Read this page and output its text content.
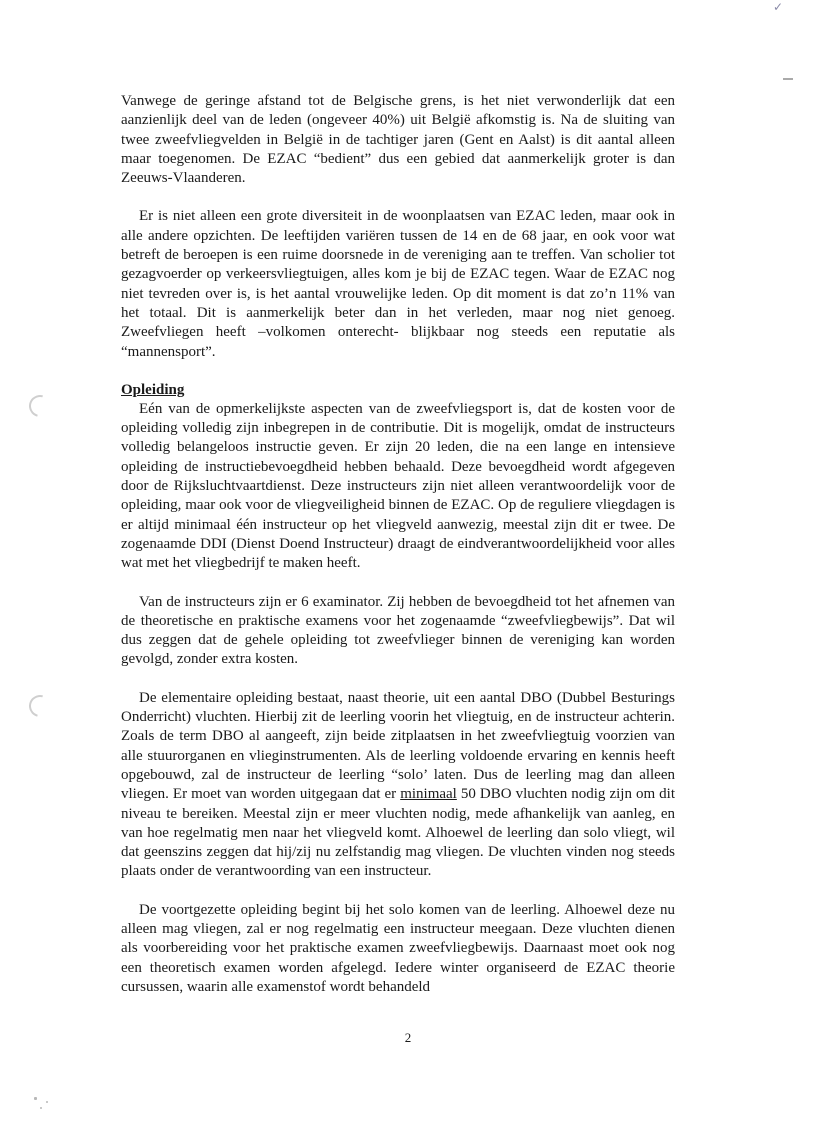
✓

Vanwege de geringe afstand tot de Belgische grens, is het niet verwonderlijk dat een aanzienlijk deel van de leden (ongeveer 40%) uit België afkomstig is. Na de sluiting van twee zweefvliegvelden in België in de tachtiger jaren (Gent en Aalst) is dit aantal alleen maar toegenomen. De EZAC “bedient” dus een gebied dat aanmerkelijk groter is dan Zeeuws-Vlaanderen.

Er is niet alleen een grote diversiteit in de woonplaatsen van EZAC leden, maar ook in alle andere opzichten. De leeftijden variëren tussen de 14 en de 68 jaar, en ook voor wat betreft de beroepen is een ruime doorsnede in de vereniging aan te treffen. Van scholier tot gezagvoerder op verkeersvliegtuigen, alles kom je bij de EZAC tegen. Waar de EZAC nog niet tevreden over is, is het aantal vrouwelijke leden. Op dit moment is dat zo’n 11% van het totaal. Dit is aanmerkelijk beter dan in het verleden, maar nog niet genoeg. Zweefvliegen heeft –volkomen onterecht- blijkbaar nog steeds een reputatie als “mannensport”.

Opleiding

Eén van de opmerkelijkste aspecten van de zweefvliegsport is, dat de kosten voor de opleiding volledig zijn inbegrepen in de contributie. Dit is mogelijk, omdat de instructeurs volledig belangeloos instructie geven. Er zijn 20 leden, die na een lange en intensieve opleiding de instructiebevoegdheid hebben behaald. Deze bevoegdheid wordt afgegeven door de Rijksluchtvaartdienst. Deze instructeurs zijn niet alleen verantwoordelijk voor de opleiding, maar ook voor de vliegveiligheid binnen de EZAC. Op de reguliere vliegdagen is er altijd minimaal één instructeur op het vliegveld aanwezig, meestal zijn dit er twee. De zogenaamde DDI (Dienst Doend Instructeur) draagt de eindverantwoordelijkheid voor alles wat met het vliegbedrijf te maken heeft.

Van de instructeurs zijn er 6 examinator. Zij hebben de bevoegdheid tot het afnemen van de theoretische en praktische examens voor het zogenaamde “zweefvliegbewijs”. Dat wil dus zeggen dat de gehele opleiding tot zweefvlieger binnen de vereniging kan worden gevolgd, zonder extra kosten.

De elementaire opleiding bestaat, naast theorie, uit een aantal DBO (Dubbel Besturings Onderricht) vluchten. Hierbij zit de leerling voorin het vliegtuig, en de instructeur achterin. Zoals de term DBO al aangeeft, zijn beide zitplaatsen in het zweefvliegtuig voorzien van alle stuurorganen en vlieginstrumenten. Als de leerling voldoende ervaring en kennis heeft opgebouwd, zal de instructeur de leerling “solo’ laten. Dus de leerling mag dan alleen vliegen. Er moet van worden uitgegaan dat er minimaal 50 DBO vluchten nodig zijn om dit niveau te bereiken. Meestal zijn er meer vluchten nodig, mede afhankelijk van aanleg, en van hoe regelmatig men naar het vliegveld komt. Alhoewel de leerling dan solo vliegt, wil dat geenszins zeggen dat hij/zij nu zelfstandig mag vliegen. De vluchten vinden nog steeds plaats onder de verantwoording van een instructeur.

De voortgezette opleiding begint bij het solo komen van de leerling. Alhoewel deze nu alleen mag vliegen, zal er nog regelmatig een instructeur meegaan. Deze vluchten dienen als voorbereiding voor het praktische examen zweefvliegbewijs. Daarnaast moet ook nog een theoretisch examen worden afgelegd. Iedere winter organiseerd de EZAC theorie cursussen, waarin alle examenstof wordt behandeld

2
